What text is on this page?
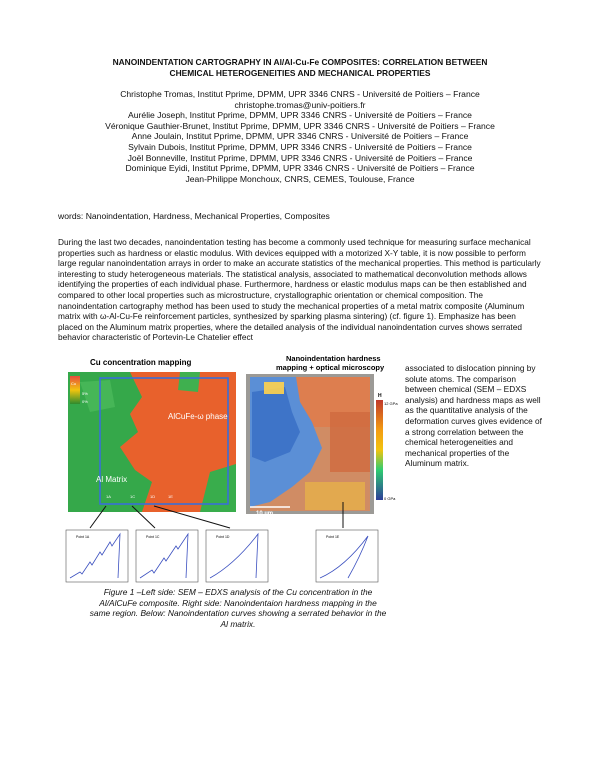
NANOINDENTATION CARTOGRAPHY IN Al/Al-Cu-Fe COMPOSITES: CORRELATION BETWEEN
CHEMICAL HETEROGENEITIES AND MECHANICAL PROPERTIES
Christophe Tromas, Institut Pprime, DPMM, UPR 3346 CNRS - Université de Poitiers – France
christophe.tromas@univ-poitiers.fr
Aurélie Joseph, Institut Pprime, DPMM, UPR 3346 CNRS - Université de Poitiers – France
Véronique Gauthier-Brunet, Institut Pprime, DPMM, UPR 3346 CNRS - Université de Poitiers – France
Anne Joulain, Institut Pprime, DPMM, UPR 3346 CNRS - Université de Poitiers – France
Sylvain Dubois, Institut Pprime, DPMM, UPR 3346 CNRS - Université de Poitiers – France
Joël Bonneville, Institut Pprime, DPMM, UPR 3346 CNRS - Université de Poitiers – France
Dominique Eyidi, Institut Pprime, DPMM, UPR 3346 CNRS - Université de Poitiers – France
Jean-Philippe Monchoux, CNRS, CEMES, Toulouse, France
words: Nanoindentation, Hardness, Mechanical Properties, Composites
During the last two decades, nanoindentation testing has become a commonly used technique for measuring surface mechanical properties such as hardness or elastic modulus. With devices equipped with a motorized X-Y table, it is now possible to perform large regular nanoindentation arrays in order to make an accurate statistics of the mechanical properties. This method is particularly interesting to study heterogeneous materials. The statistical analysis, associated to mathematical deconvolution methods allows identifying the properties of each individual phase. Furthermore, hardness or elastic modulus maps can be then established and compared to other local properties such as microstructure, crystallographic orientation or chemical composition. The nanoindentation cartography method has been used to study the mechanical properties of a metal matrix composite (Aluminum matrix with ω-Al-Cu-Fe reinforcement particles, synthesized by sparking plasma sintering) (cf. figure 1). Emphasize has been placed on the Aluminum matrix properties, where the detailed analysis of the individual nanoindentation curves shows serrated behavior characteristic of Portevin-Le Chatelier effect
associated to dislocation pinning by solute atoms. The comparison between chemical (SEM – EDXS analysis) and hardness maps as well as the quantitative analysis of the deformation curves gives evidence of a strong correlation between the chemical heterogeneities and mechanical properties of the Aluminum matrix.
Cu concentration mapping
Cu
5%
0%
AlCuFe-ω phase
Al Matrix
1A	1C	1D	1E
Nanoindentation hardness
mapping + optical microscopy
H
12 GPa
0 GPa
10 µm
Point 1A	Point 1C	Point 1D	Point 1E
Figure 1 –Left side: SEM – EDXS analysis of the Cu concentration in the Al/AlCuFe composite. Right side: Nanoindentaion hardness mapping in the same region. Below: Nanoindentation curves showing a serrated behavior in the Al matrix.
